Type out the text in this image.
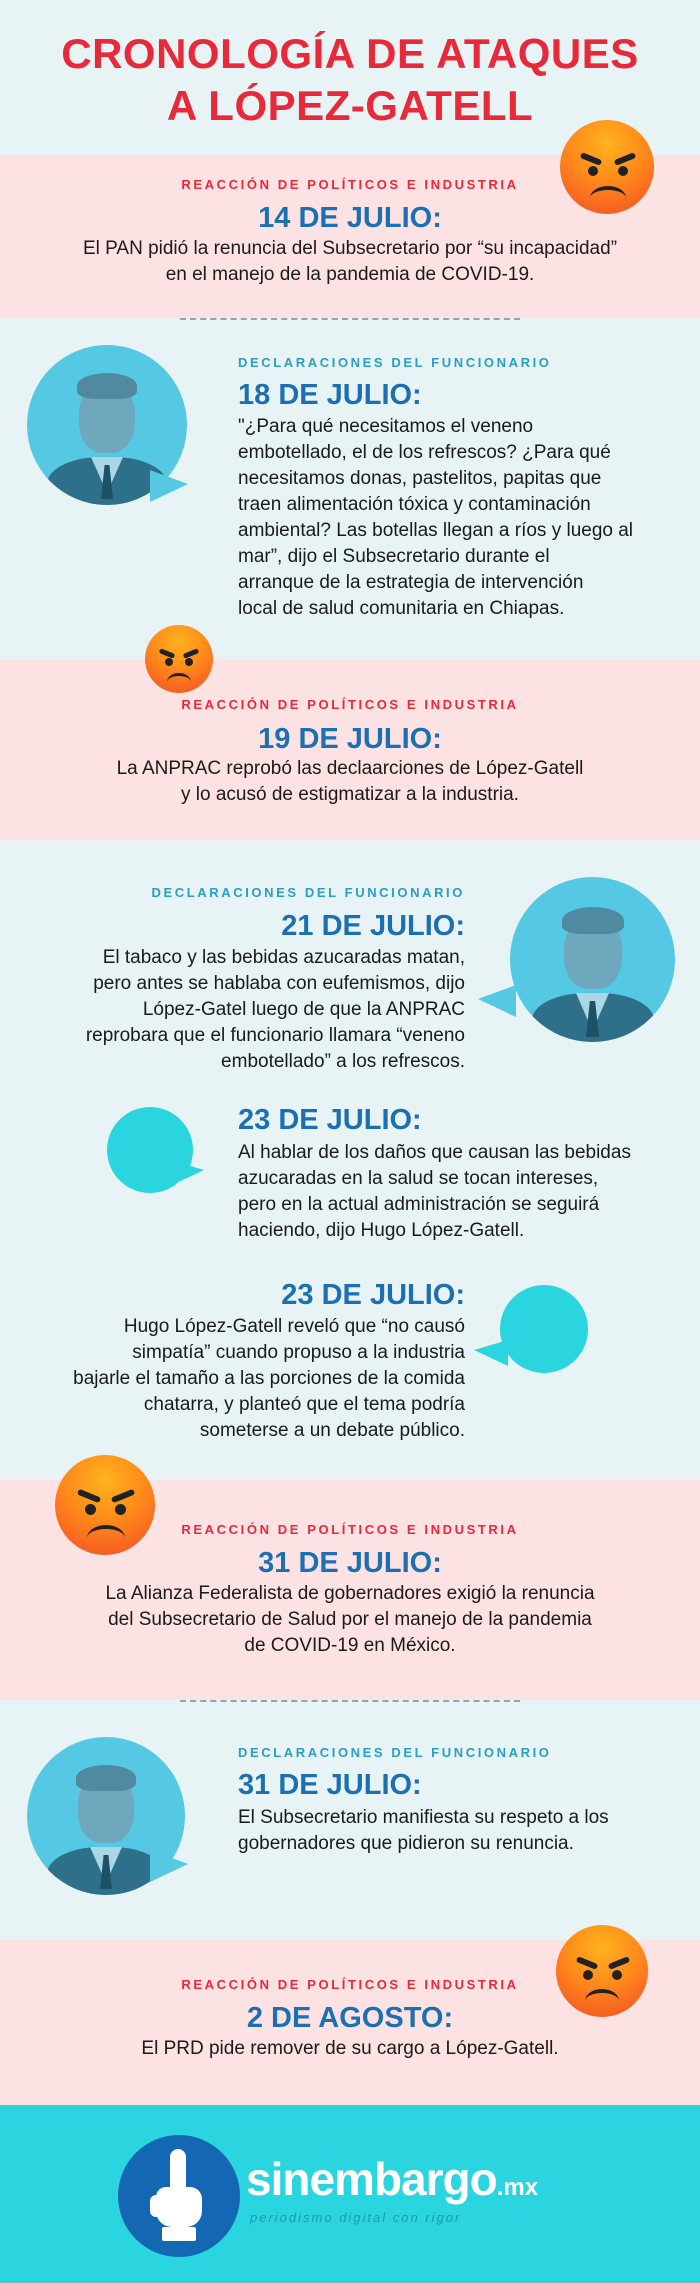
CRONOLOGÍA DE ATAQUES
A LÓPEZ-GATELL
REACCIÓN DE POLÍTICOS E INDUSTRIA
14 DE JULIO:
El PAN pidió la renuncia del Subsecretario por “su incapacidad”
en el manejo de la pandemia de COVID-19.
DECLARACIONES DEL FUNCIONARIO
18 DE JULIO:
"¿Para qué necesitamos el veneno
embotellado, el de los refrescos? ¿Para qué
necesitamos donas, pastelitos, papitas que
traen alimentación tóxica y contaminación
ambiental? Las botellas llegan a ríos y luego al
mar”, dijo el Subsecretario durante el
arranque de la estrategia de intervención
local de salud comunitaria en Chiapas.
REACCIÓN DE POLÍTICOS E INDUSTRIA
19 DE JULIO:
La ANPRAC reprobó las declaarciones de López-Gatell
y lo acusó de estigmatizar a la industria.
DECLARACIONES DEL FUNCIONARIO
21 DE JULIO:
El tabaco y las bebidas azucaradas matan,
pero antes se hablaba con eufemismos, dijo
López-Gatel luego de que la ANPRAC
reprobara que el funcionario llamara “veneno
embotellado” a los refrescos.
23 DE JULIO:
Al hablar de los daños que causan las bebidas
azucaradas en la salud se tocan intereses,
pero en la actual administración se seguirá
haciendo, dijo Hugo López-Gatell.
23 DE JULIO:
Hugo López-Gatell reveló que “no causó
simpatía” cuando propuso a la industria
bajarle el tamaño a las porciones de la comida
chatarra, y planteó que el tema podría
someterse a un debate público.
REACCIÓN DE POLÍTICOS E INDUSTRIA
31 DE JULIO:
La Alianza Federalista de gobernadores exigió la renuncia
del Subsecretario de Salud por el manejo de la pandemia
de COVID-19 en México.
DECLARACIONES DEL FUNCIONARIO
31 DE JULIO:
El Subsecretario manifiesta su respeto a los
gobernadores que pidieron su renuncia.
REACCIÓN DE POLÍTICOS E INDUSTRIA
2 DE AGOSTO:
El PRD pide remover de su cargo a López-Gatell.
sinembargo.mx
periodismo digital con rigor
